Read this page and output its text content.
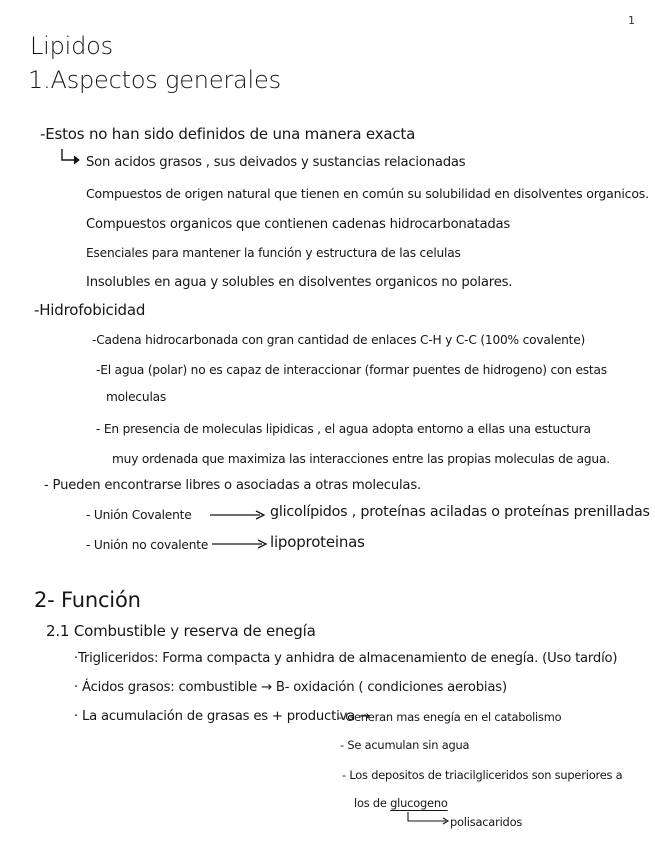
1
Lipidos
1.Aspectos generales
-Estos no han sido definidos de una manera exacta
Son acidos grasos , sus deivados y sustancias relacionadas
Compuestos de origen natural que tienen en común su solubilidad en disolventes organicos.
Compuestos organicos que contienen cadenas hidrocarbonatadas
Esenciales para mantener la función y estructura de las celulas
Insolubles en agua y solubles en disolventes organicos no polares.
-Hidrofobicidad
-Cadena hidrocarbonada con gran cantidad de enlaces C-H y C-C (100% covalente)
-El agua (polar) no es capaz de interaccionar (formar puentes de hidrogeno) con estas
moleculas
- En presencia de moleculas lipidicas , el agua adopta entorno a ellas una estuctura
muy ordenada que maximiza las interacciones entre las propias moleculas de agua.
- Pueden encontrarse libres o asociadas a otras moleculas.
- Unión Covalente	glicolípidos , proteínas aciladas o proteínas prenilladas
- Unión no covalente	lipoproteinas
2- Función
2.1 Combustible y reserva de enegía
·Trigliceridos: Forma compacta y anhidra de almacenamiento de enegía. (Uso tardío)
· Ácidos grasos: combustible → B- oxidación ( condiciones aerobias)
· La acumulación de grasas es + productiva →
- Generan mas enegía en el catabolismo
- Se acumulan sin agua
- Los depositos de triacilgliceridos son superiores a
los de glucogeno
polisacaridos
